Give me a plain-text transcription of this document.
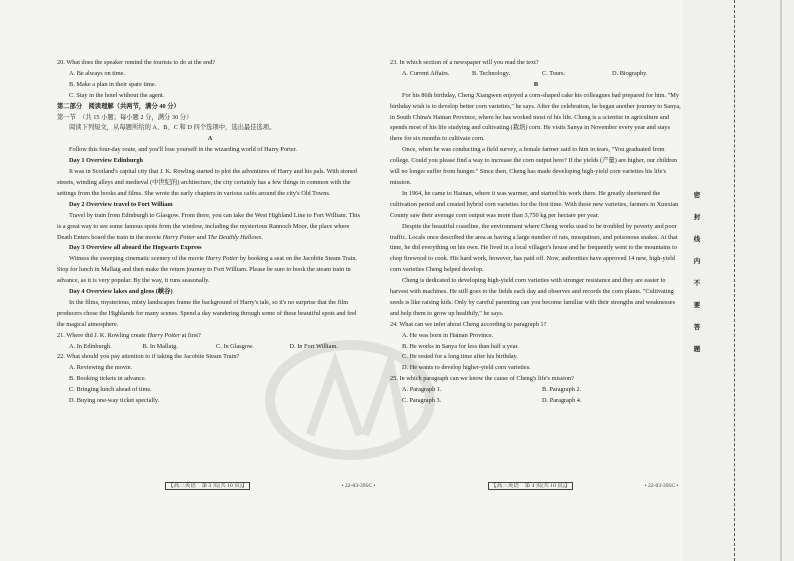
20. What does the speaker remind the tourists to do at the end?

A. Be always on time.

B. Make a plan in their spare time.

C. Stay in the hotel without the agent.

第二部分　阅读理解（共两节，满分 40 分）

第一节　（共 15 小题；每小题 2 分，满分 30 分）

阅读下列短文，从每题所给的 A、B、C 和 D 四个选项中，选出最佳选项。

A

Follow this four-day route, and you'll lose yourself in the wizarding world of Harry Porter.

Day 1 Overview Edinburgh

It was in Scotland's capital city that J. K. Rowling started to plot the adventures of Harry and his pals. With stoned streets, winding alleys and medieval (中世纪的) architecture, the city certainly has a few things in common with the settings from the books and films. She wrote the early chapters in various cafés around the city's Old Towns.

Day 2 Overview travel to Fort William

Travel by train from Edinburgh to Glasgow. From there, you can take the West Highland Line to Fort William. This is a great way to see some famous spots from the window, including the mysterious Rannoch Moor, the place where Death Enters board the train in the movie Harry Potter and The Deathly Hallows.

Day 3 Overview all aboard the Hogwarts Express

Witness the sweeping cinematic scenery of the movie Harry Potter by booking a seat on the Jacobite Steam Train. Stop for lunch in Mallaig and then make the return journey to Fort William. Please be sure to book the steam train in advance, as it is very popular. By the way, it runs seasonally.

Day 4 Overview lakes and glens (峡谷)

In the films, mysterious, misty landscapes frame the background of Harry's tale, so it's no surprise that the film producers chose the Highlands for many scenes. Spend a day wandering through some of these beautiful spots and feel the magical atmosphere.

21. Where did J. K. Rowling create Harry Potter at first?

A. In Edinburgh.	B. In Mallaig.	C. In Glasgow.	D. In Fort William.

22. What should you pay attention to if taking the Jacobite Steam Train?

A. Reviewing the movie.

B. Booking tickets in advance.

C. Bringing lunch ahead of time.

D. Buying one-way ticket specially.

【高三英语　第 3 页(共 10 页)】	• 22-03-395C •

23. In which section of a newspaper will you read the text?

A. Current Affairs.	B. Technology.	C. Tours.	D. Biography.

B

For his 86th birthday, Cheng Xiangwen enjoyed a corn-shaped cake his colleagues had prepared for him. "My birthday wish is to develop better corn varieties," he says. After the celebration, he began another journey to Sanya, in South China's Hainan Province, where he has worked most of his life. Cheng is a scientist in agriculture and spends most of his life studying and cultivating (栽培) corn. He visits Sanya in November every year and stays there for six months to cultivate corn.

Once, when he was conducting a field survey, a female farmer said to him in tears, "You graduated from college. Could you please find a way to increase the corn output here? If the yields (产量) are higher, our children will no longer suffer from hunger." Since then, Cheng has made developing high-yield corn varieties his life's mission.

In 1964, he came to Hainan, where it was warmer, and started his work there. He greatly shortened the cultivation period and created hybrid corn varieties for the first time. With these new varieties, farmers in Xunxian County saw their average corn output was more than 3,750 kg per hectare per year.

Despite the beautiful coastline, the environment where Cheng works used to be troubled by poverty and poor traffic. Locals once described the area as having a large number of rats, mosquitoes, and poisonous snakes. At that time, he did everything on his own. He lived in a local villager's house and he frequently went to the mountains to chop firewood to cook. His hard work, however, has paid off. Now, authorities have approved 14 new, high-yield corn varieties Cheng helped develop.

Cheng is dedicated to developing high-yield corn varieties with stronger resistance and they are easier to harvest with machines. He still goes to the fields each day and observes and records the corn plants. "Cultivating seeds is like raising kids. Only by careful parenting can you become familiar with their strengths and weaknesses and help them to grow up healthily," he says.

24. What can we infer about Cheng according to paragraph 1?

A. He was born in Hainan Province.

B. He works in Sanya for less than half a year.

C. He rested for a long time after his birthday.

D. He wants to develop higher-yield corn varieties.

25. In which paragraph can we know the cause of Cheng's life's mission?

A. Paragraph 1.	B. Paragraph 2.
C. Paragraph 3.	D. Paragraph 4.
【高三英语　第 4 页(共 10 页)】	• 22-03-395C •
密
封
线
内
不
要
答
题
